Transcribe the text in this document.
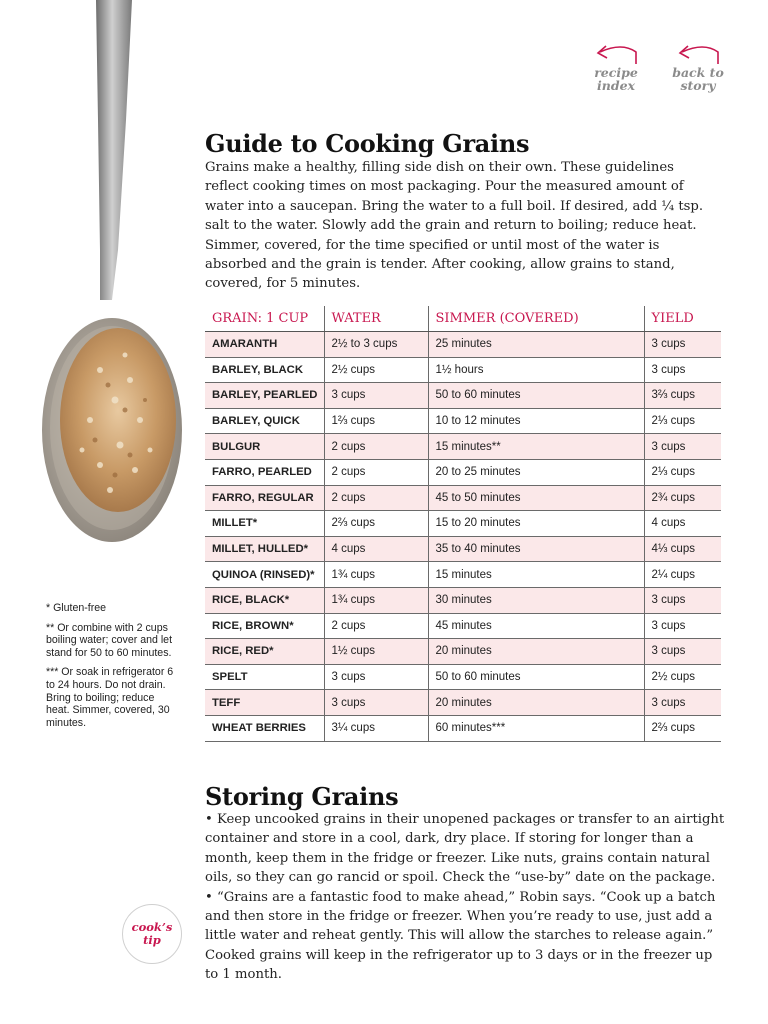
recipe index
back to story
Guide to Cooking Grains

Grains make a healthy, filling side dish on their own. These guidelines reflect cooking times on most packaging. Pour the measured amount of water into a saucepan. Bring the water to a full boil. If desired, add ¼ tsp. salt to the water. Slowly add the grain and return to boiling; reduce heat. Simmer, covered, for the time specified or until most of the water is absorbed and the grain is tender. After cooking, allow grains to stand, covered, for 5 minutes.

GRAIN: 1 CUP	WATER	SIMMER (COVERED)	YIELD
AMARANTH	2½ to 3 cups	25 minutes	3 cups
BARLEY, BLACK	2½ cups	1½ hours	3 cups
BARLEY, PEARLED	3 cups	50 to 60 minutes	3⅔ cups
BARLEY, QUICK	1⅔ cups	10 to 12 minutes	2⅓ cups
BULGUR	2 cups	15 minutes**	3 cups
FARRO, PEARLED	2 cups	20 to 25 minutes	2⅓ cups
FARRO, REGULAR	2 cups	45 to 50 minutes	2¾ cups
MILLET*	2⅔ cups	15 to 20 minutes	4 cups
MILLET, HULLED*	4 cups	35 to 40 minutes	4⅓ cups
QUINOA (RINSED)*	1¾ cups	15 minutes	2¼ cups
RICE, BLACK*	1¾ cups	30 minutes	3 cups
RICE, BROWN*	2 cups	45 minutes	3 cups
RICE, RED*	1½ cups	20 minutes	3 cups
SPELT	3 cups	50 to 60 minutes	2½ cups
TEFF	3 cups	20 minutes	3 cups
WHEAT BERRIES	3¼ cups	60 minutes***	2⅔ cups

* Gluten-free

** Or combine with 2 cups boiling water; cover and let stand for 50 to 60 minutes.

*** Or soak in refrigerator 6 to 24 hours. Do not drain. Bring to boiling; reduce heat. Simmer, covered, 30 minutes.

Storing Grains

• Keep uncooked grains in their unopened packages or transfer to an airtight container and store in a cool, dark, dry place. If storing for longer than a month, keep them in the fridge or freezer. Like nuts, grains contain natural oils, so they can go rancid or spoil. Check the “use-by” date on the package.

• “Grains are a fantastic food to make ahead,” Robin says. “Cook up a batch and then store in the fridge or freezer. When you’re ready to use, just add a little water and reheat gently. This will allow the starches to release again.” Cooked grains will keep in the refrigerator up to 3 days or in the freezer up to 1 month.

cook’s
tip
